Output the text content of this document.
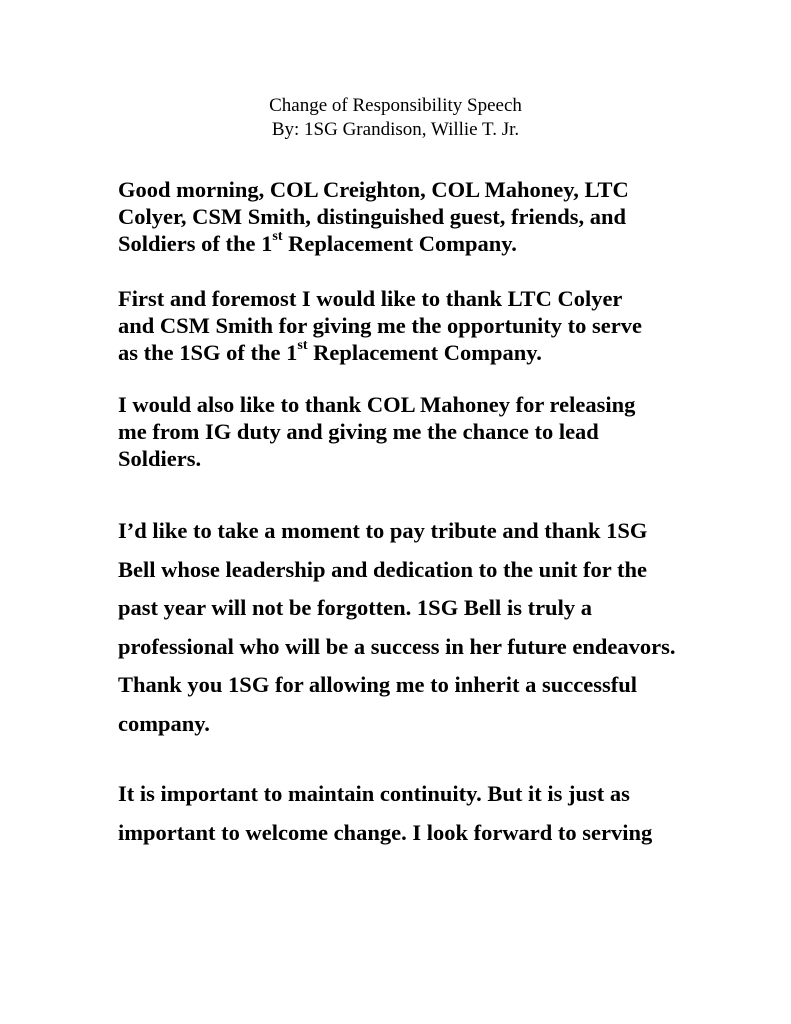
Change of Responsibility Speech
By: 1SG Grandison, Willie T. Jr.
Good morning, COL Creighton, COL Mahoney, LTC
Colyer, CSM Smith, distinguished guest, friends, and
Soldiers of the 1st Replacement Company.
First and foremost I would like to thank LTC Colyer
and CSM Smith for giving me the opportunity to serve
as the 1SG of the 1st Replacement Company.
I would also like to thank COL Mahoney for releasing
me from IG duty and giving me the chance to lead
Soldiers.
I’d like to take a moment to pay tribute and thank 1SG
Bell whose leadership and dedication to the unit for the
past year will not be forgotten. 1SG Bell is truly a
professional who will be a success in her future endeavors.
Thank you 1SG for allowing me to inherit a successful
company.
It is important to maintain continuity. But it is just as
important to welcome change. I look forward to serving
